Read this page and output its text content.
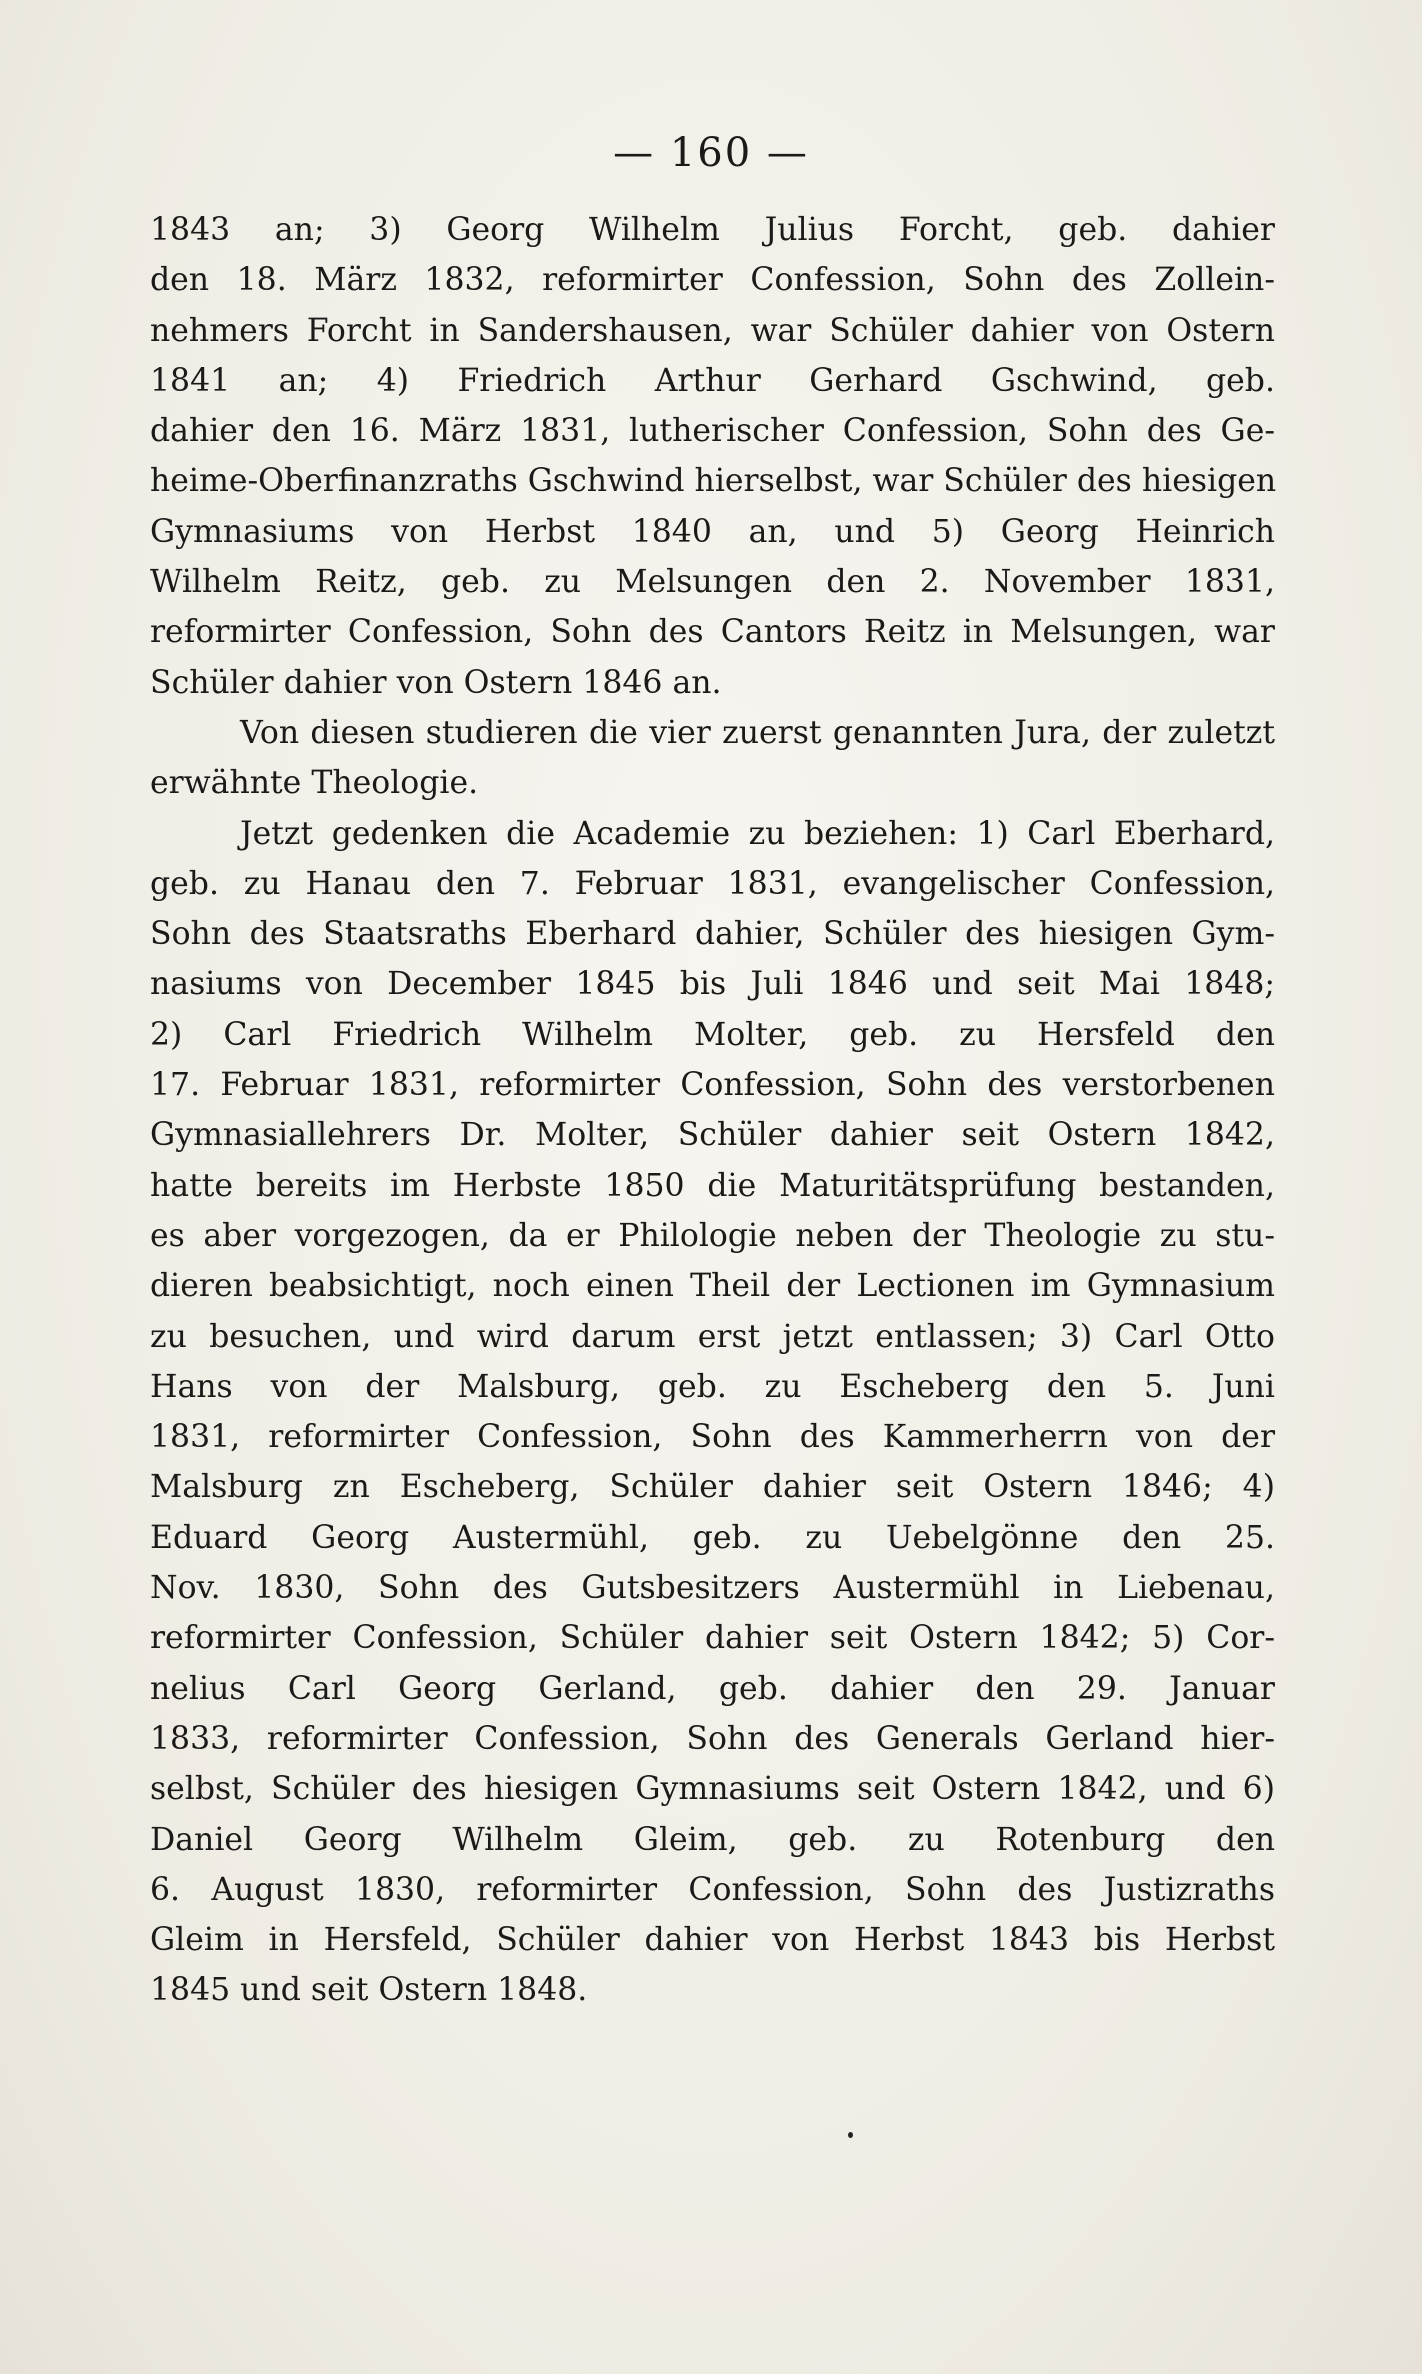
— 160 —
1843 an; 3) Georg Wilhelm Julius Forcht, geb. dahier
den 18. März 1832, reformirter Confession, Sohn des Zollein-
nehmers Forcht in Sandershausen, war Schüler dahier von Ostern
1841 an; 4) Friedrich Arthur Gerhard Gschwind, geb.
dahier den 16. März 1831, lutherischer Confession, Sohn des Ge-
heime-Oberfinanzraths Gschwind hierselbst, war Schüler des hiesigen
Gymnasiums von Herbst 1840 an, und 5) Georg Heinrich
Wilhelm Reitz, geb. zu Melsungen den 2. November 1831,
reformirter Confession, Sohn des Cantors Reitz in Melsungen, war
Schüler dahier von Ostern 1846 an.
Von diesen studieren die vier zuerst genannten Jura, der zuletzt
erwähnte Theologie.
Jetzt gedenken die Academie zu beziehen: 1) Carl Eberhard,
geb. zu Hanau den 7. Februar 1831, evangelischer Confession,
Sohn des Staatsraths Eberhard dahier, Schüler des hiesigen Gym-
nasiums von December 1845 bis Juli 1846 und seit Mai 1848;
2) Carl Friedrich Wilhelm Molter, geb. zu Hersfeld den
17. Februar 1831, reformirter Confession, Sohn des verstorbenen
Gymnasiallehrers Dr. Molter, Schüler dahier seit Ostern 1842,
hatte bereits im Herbste 1850 die Maturitätsprüfung bestanden,
es aber vorgezogen, da er Philologie neben der Theologie zu stu-
dieren beabsichtigt, noch einen Theil der Lectionen im Gymnasium
zu besuchen, und wird darum erst jetzt entlassen; 3) Carl Otto
Hans von der Malsburg, geb. zu Escheberg den 5. Juni
1831, reformirter Confession, Sohn des Kammerherrn von der
Malsburg zn Escheberg, Schüler dahier seit Ostern 1846; 4)
Eduard Georg Austermühl, geb. zu Uebelgönne den 25.
Nov. 1830, Sohn des Gutsbesitzers Austermühl in Liebenau,
reformirter Confession, Schüler dahier seit Ostern 1842; 5) Cor-
nelius Carl Georg Gerland, geb. dahier den 29. Januar
1833, reformirter Confession, Sohn des Generals Gerland hier-
selbst, Schüler des hiesigen Gymnasiums seit Ostern 1842, und 6)
Daniel Georg Wilhelm Gleim, geb. zu Rotenburg den
6. August 1830, reformirter Confession, Sohn des Justizraths
Gleim in Hersfeld, Schüler dahier von Herbst 1843 bis Herbst
1845 und seit Ostern 1848.
